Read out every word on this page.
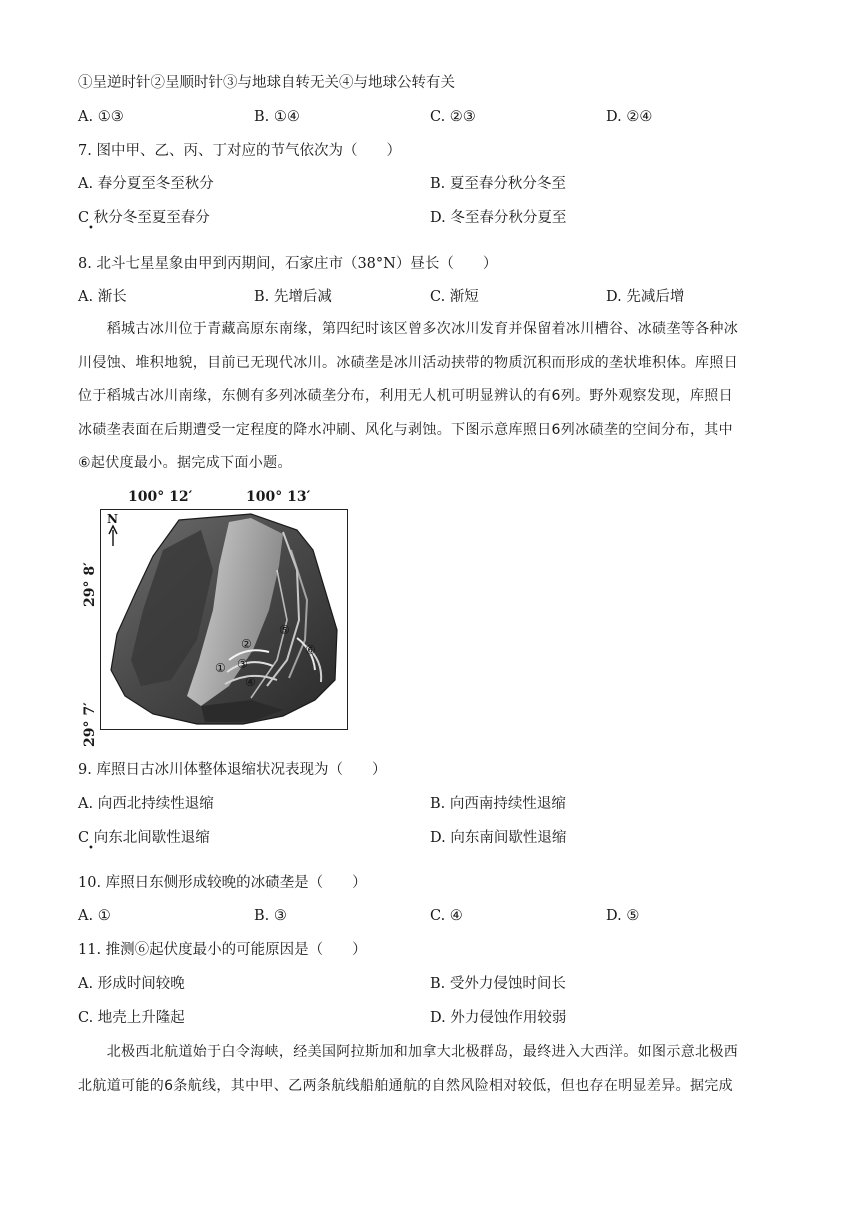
①呈逆时针②呈顺时针③与地球自转无关④与地球公转有关
A. ①③	B. ①④	C. ②③	D. ②④
7. 图中甲、乙、丙、丁对应的节气依次为（　　）
A. 春分夏至冬至秋分	B. 夏至春分秋分冬至
C 秋分冬至夏至春分
•
D. 冬至春分秋分夏至
8. 北斗七星星象由甲到丙期间，石家庄市（38°N）昼长（　　）
A. 渐长	B. 先增后减	C. 渐短	D. 先减后增

　　稻城古冰川位于青藏高原东南缘，第四纪时该区曾多次冰川发育并保留着冰川槽谷、冰碛垄等各种冰

川侵蚀、堆积地貌，目前已无现代冰川。冰碛垄是冰川活动挟带的物质沉积而形成的垄状堆积体。库照日

位于稻城古冰川南缘，东侧有多列冰碛垄分布，利用无人机可明显辨认的有6列。野外观察发现，库照日

冰碛垄表面在后期遭受一定程度的降水冲刷、风化与剥蚀。下图示意库照日6列冰碛垄的空间分布，其中

⑥起伏度最小。据完成下面小题。

100° 12′	100° 13′
29° 8′
29° 7′
N
①
②
③
④
⑤
⑥
9. 库照日古冰川体整体退缩状况表现为（　　）
A. 向西北持续性退缩	B. 向西南持续性退缩
C 向东北间歇性退缩
•
D. 向东南间歇性退缩
10. 库照日东侧形成较晚的冰碛垄是（　　）
A. ①	B. ③	C. ④	D. ⑤
11. 推测⑥起伏度最小的可能原因是（　　）
A. 形成时间较晚	B. 受外力侵蚀时间长
C. 地壳上升隆起	D. 外力侵蚀作用较弱

　　北极西北航道始于白令海峡，经美国阿拉斯加和加拿大北极群岛，最终进入大西洋。如图示意北极西

北航道可能的6条航线，其中甲、乙两条航线船舶通航的自然风险相对较低，但也存在明显差异。据完成
